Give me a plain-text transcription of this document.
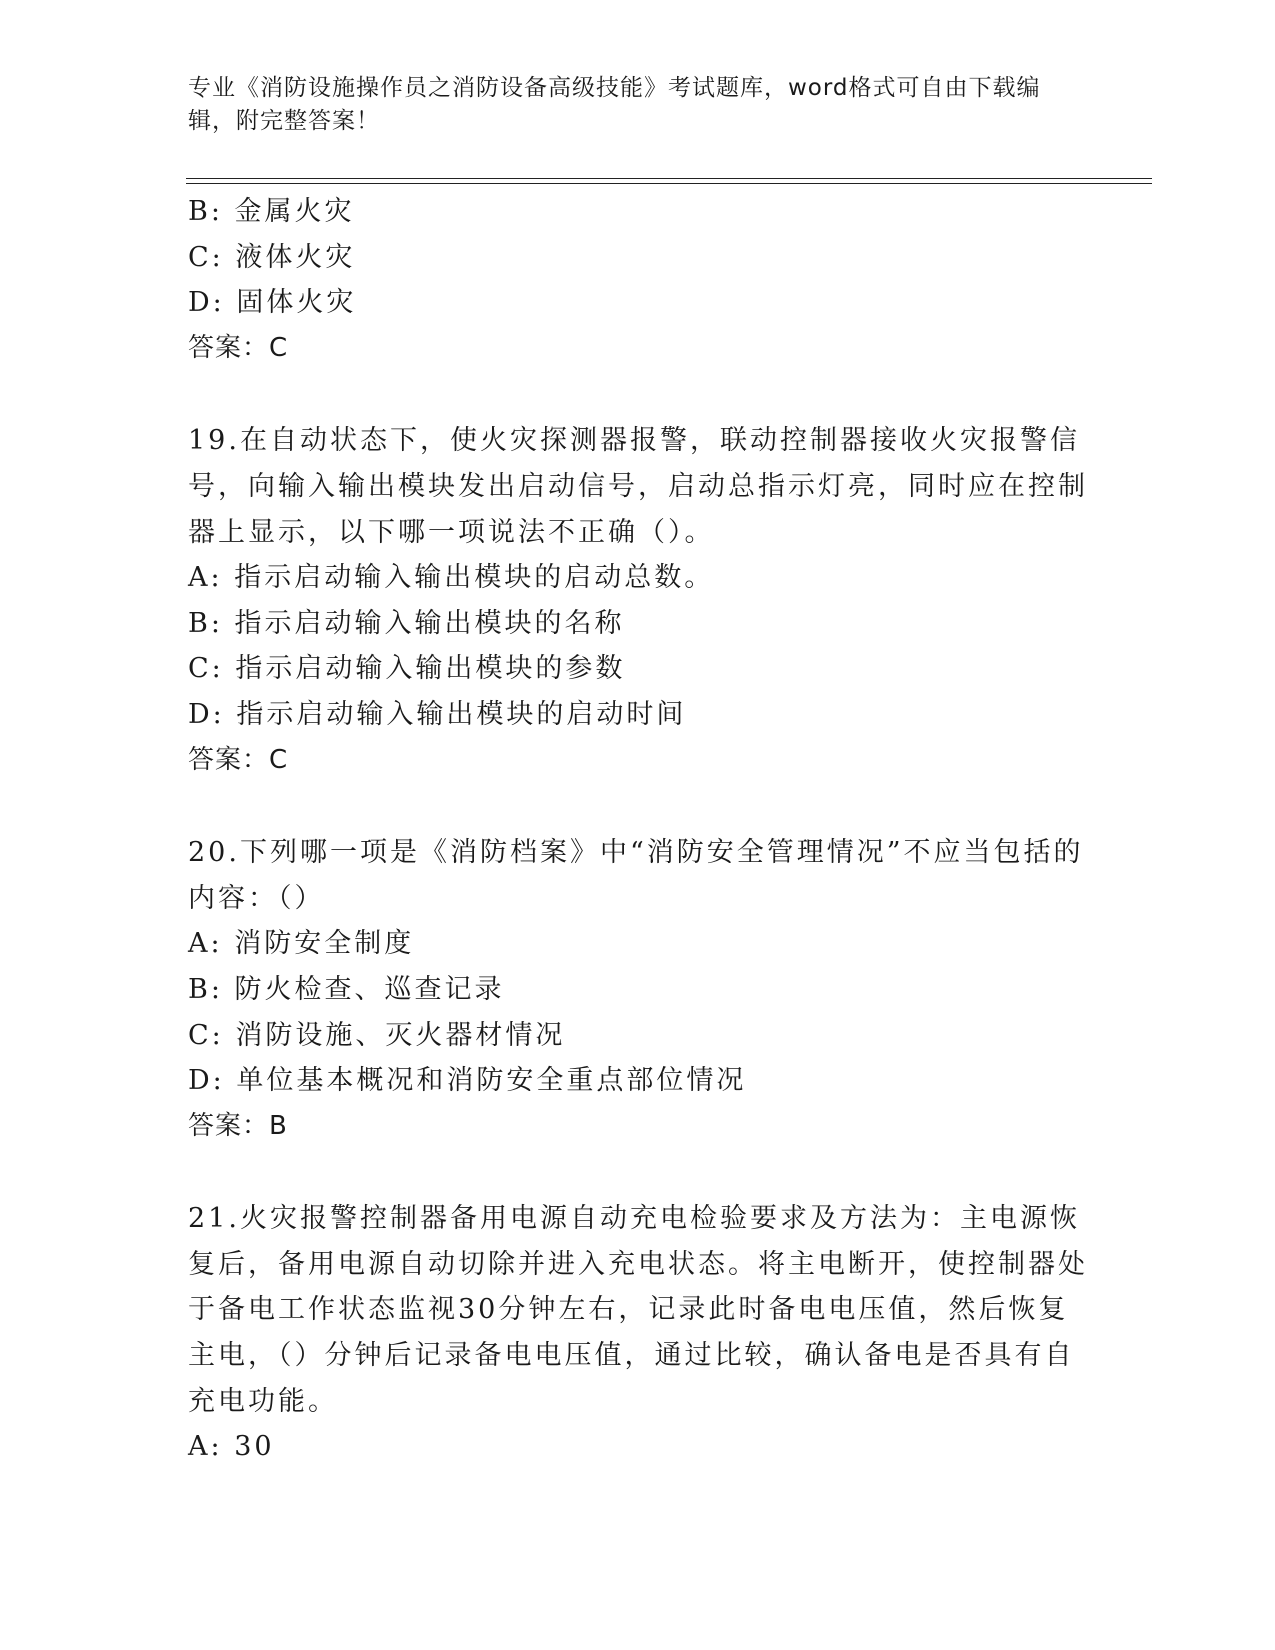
专业《消防设施操作员之消防设备高级技能》考试题库，word格式可自由下载编辑，附完整答案！
B: 金属火灾
C: 液体火灾
D: 固体火灾
答案：C
19.在自动状态下，使火灾探测器报警，联动控制器接收火灾报警信号，向输入输出模块发出启动信号，启动总指示灯亮，同时应在控制器上显示，以下哪一项说法不正确（）。
A: 指示启动输入输出模块的启动总数。
B: 指示启动输入输出模块的名称
C: 指示启动输入输出模块的参数
D: 指示启动输入输出模块的启动时间
答案：C
20.下列哪一项是《消防档案》中“消防安全管理情况”不应当包括的内容：（）
A: 消防安全制度
B: 防火检查、巡查记录
C: 消防设施、灭火器材情况
D: 单位基本概况和消防安全重点部位情况
答案：B
21.火灾报警控制器备用电源自动充电检验要求及方法为：主电源恢复后，备用电源自动切除并进入充电状态。将主电断开，使控制器处于备电工作状态监视30分钟左右，记录此时备电电压值，然后恢复主电，（）分钟后记录备电电压值，通过比较，确认备电是否具有自充电功能。
A: 30
